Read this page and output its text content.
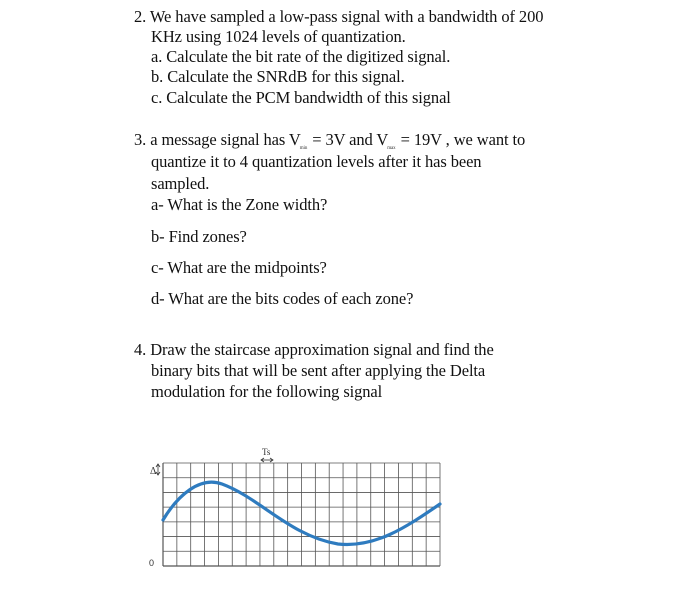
2. We have sampled a low-pass signal with a bandwidth of 200
KHz using 1024 levels of quantization.
a. Calculate the bit rate of the digitized signal.
b. Calculate the SNRdB for this signal.
c. Calculate the PCM bandwidth of this signal
3. a message signal has $V_{min} = 3V$ and $V_{max} = 19V$ , we want to
quantize it to 4 quantization levels after it has been
sampled.
a- What is the Zone width?
b- Find zones?
c- What are the midpoints?
d- What are the bits codes of each zone?
4. Draw the staircase approximation signal and find the
binary bits that will be sent after applying the Delta
modulation for the following signal
Ts
Δ
0
